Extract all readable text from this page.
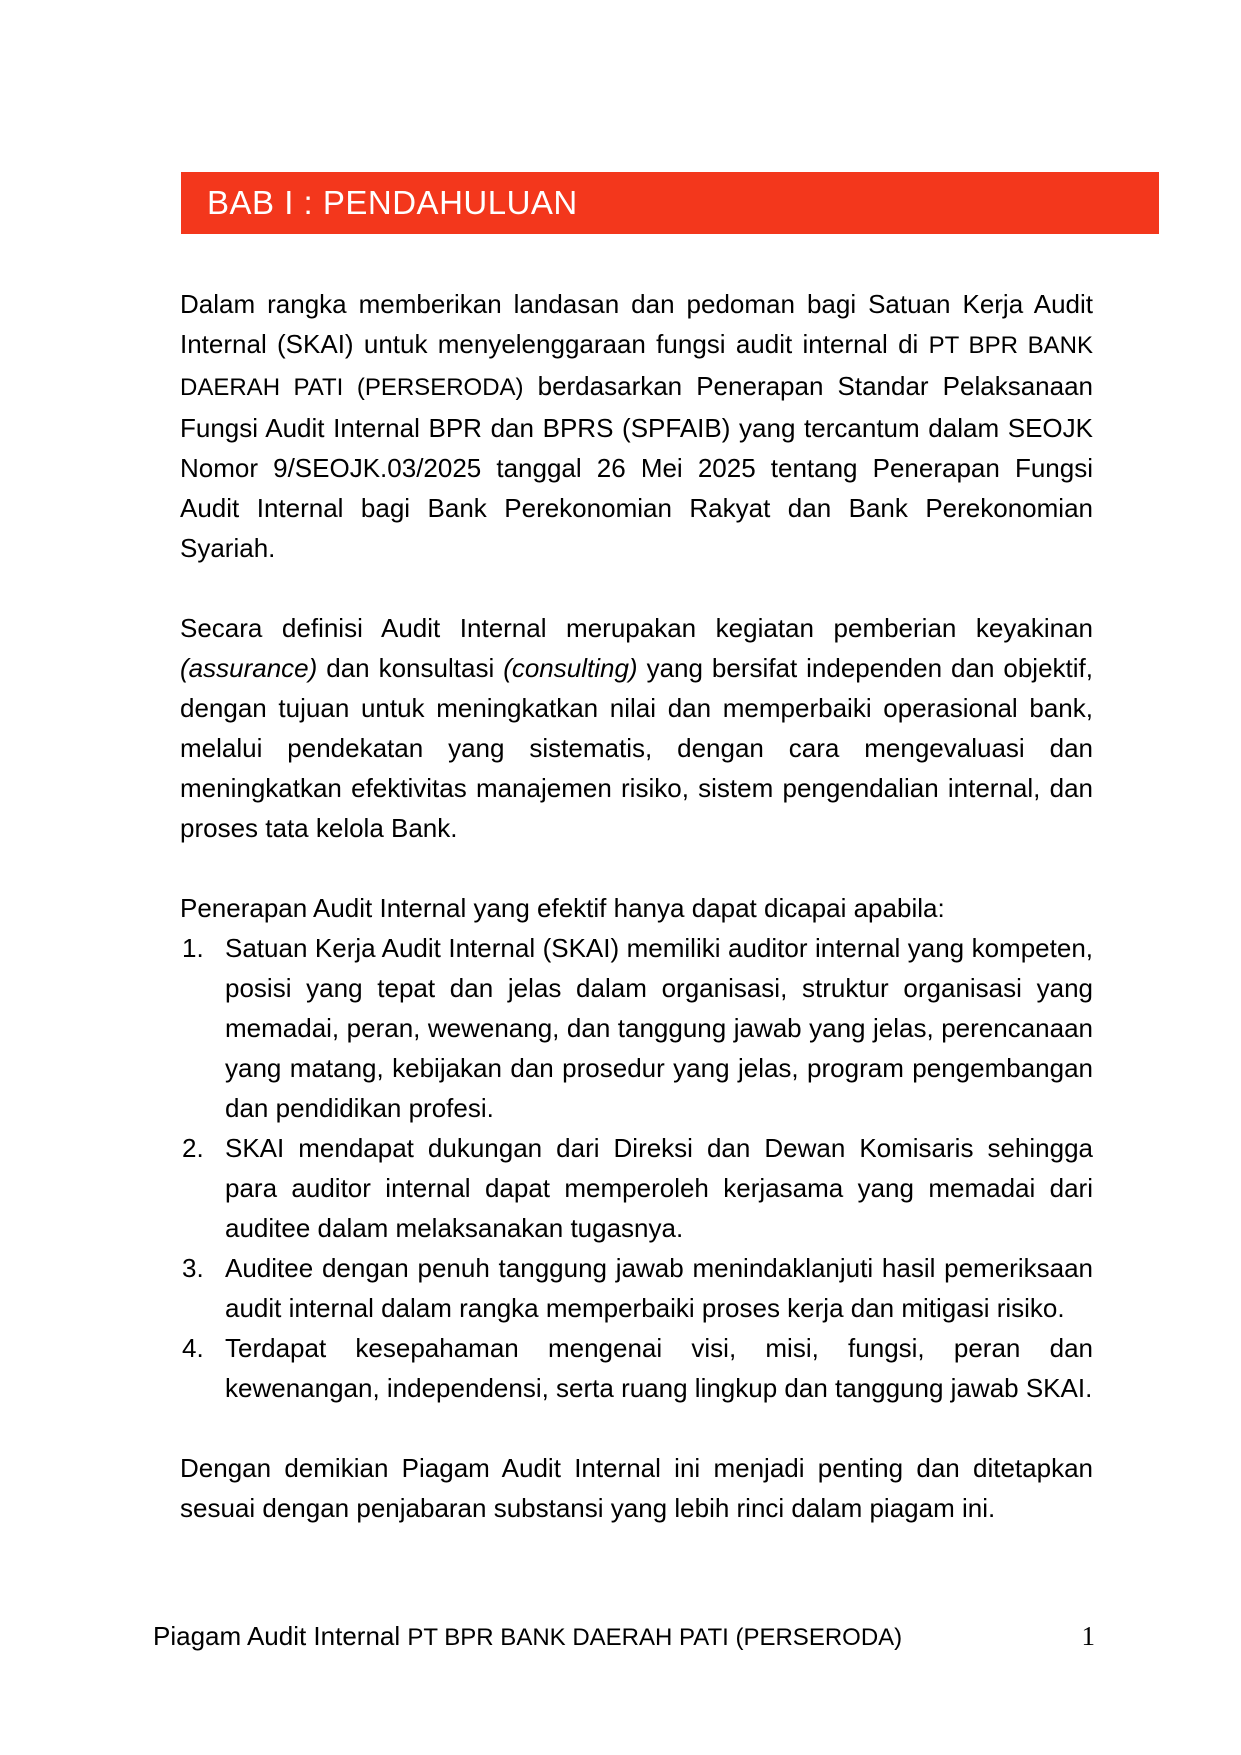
BAB I : PENDAHULUAN

Dalam rangka memberikan landasan dan pedoman bagi Satuan Kerja Audit Internal (SKAI) untuk menyelenggaraan fungsi audit internal di PT BPR BANK DAERAH PATI (PERSERODA) berdasarkan Penerapan Standar Pelaksanaan Fungsi Audit Internal BPR dan BPRS (SPFAIB) yang tercantum dalam SEOJK Nomor 9/SEOJK.03/2025 tanggal 26 Mei 2025 tentang Penerapan Fungsi Audit Internal bagi Bank Perekonomian Rakyat dan Bank Perekonomian Syariah.

Secara definisi Audit Internal merupakan kegiatan pemberian keyakinan (assurance) dan konsultasi (consulting) yang bersifat independen dan objektif, dengan tujuan untuk meningkatkan nilai dan memperbaiki operasional bank, melalui pendekatan yang sistematis, dengan cara mengevaluasi dan meningkatkan efektivitas manajemen risiko, sistem pengendalian internal, dan proses tata kelola Bank.

Penerapan Audit Internal yang efektif hanya dapat dicapai apabila:

1. Satuan Kerja Audit Internal (SKAI) memiliki auditor internal yang kompeten, posisi yang tepat dan jelas dalam organisasi, struktur organisasi yang memadai, peran, wewenang, dan tanggung jawab yang jelas, perencanaan yang matang, kebijakan dan prosedur yang jelas, program pengembangan dan pendidikan profesi.
2. SKAI mendapat dukungan dari Direksi dan Dewan Komisaris sehingga para auditor internal dapat memperoleh kerjasama yang memadai dari auditee dalam melaksanakan tugasnya.
3. Auditee dengan penuh tanggung jawab menindaklanjuti hasil pemeriksaan audit internal dalam rangka memperbaiki proses kerja dan mitigasi risiko.
4. Terdapat kesepahaman mengenai visi, misi, fungsi, peran dan kewenangan, independensi, serta ruang lingkup dan tanggung jawab SKAI.

Dengan demikian Piagam Audit Internal ini menjadi penting dan ditetapkan sesuai dengan penjabaran substansi yang lebih rinci dalam piagam ini.

Piagam Audit Internal PT BPR BANK DAERAH PATI (PERSERODA)	1
